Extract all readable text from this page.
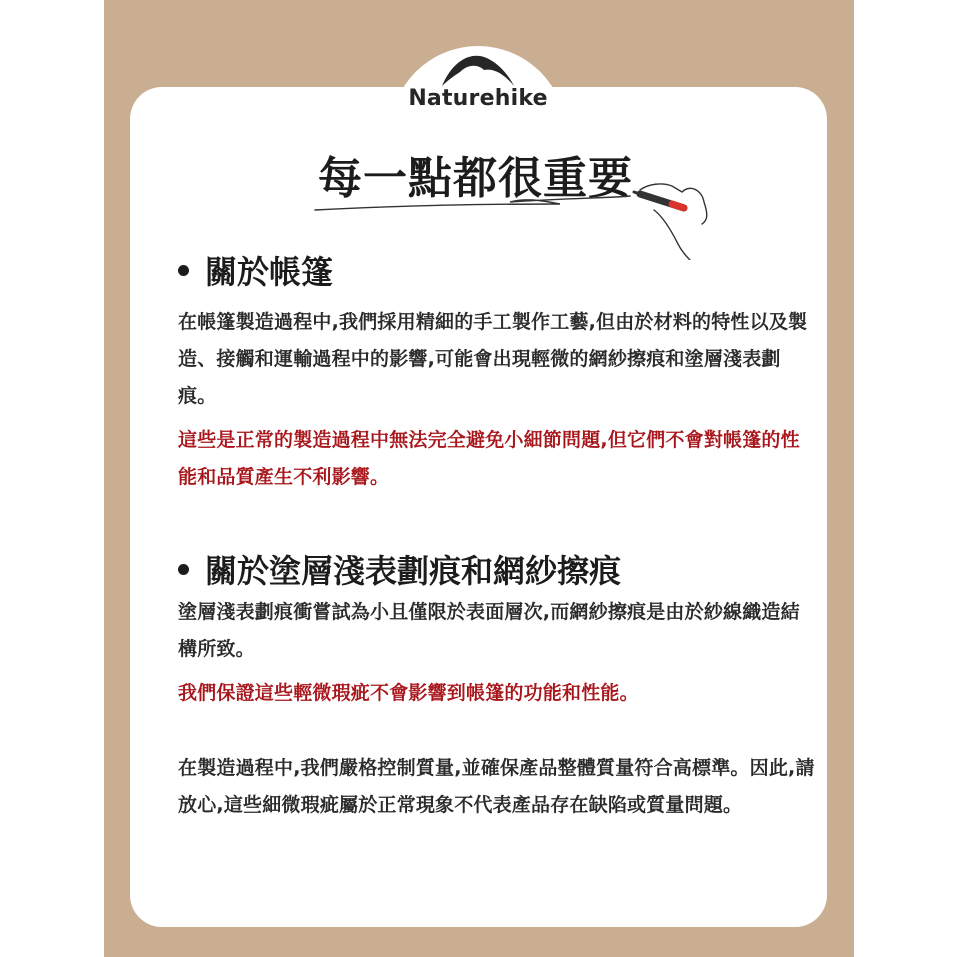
Naturehike
每一點都很重要
關於帳篷

在帳篷製造過程中,我們採用精細的手工製作工藝,但由於材料的特性以及製造、接觸和運輸過程中的影響,可能會出現輕微的網紗擦痕和塗層淺表劃痕。

這些是正常的製造過程中無法完全避免小細節問題,但它們不會對帳篷的性能和品質產生不利影響。

關於塗層淺表劃痕和網紗擦痕

塗層淺表劃痕衝嘗試為小且僅限於表面層次,而網紗擦痕是由於紗線織造結構所致。

我們保證這些輕微瑕疵不會影響到帳篷的功能和性能。

在製造過程中,我們嚴格控制質量,並確保產品整體質量符合高標準。因此,請放心,這些細微瑕疵屬於正常現象不代表產品存在缺陷或質量問題。
